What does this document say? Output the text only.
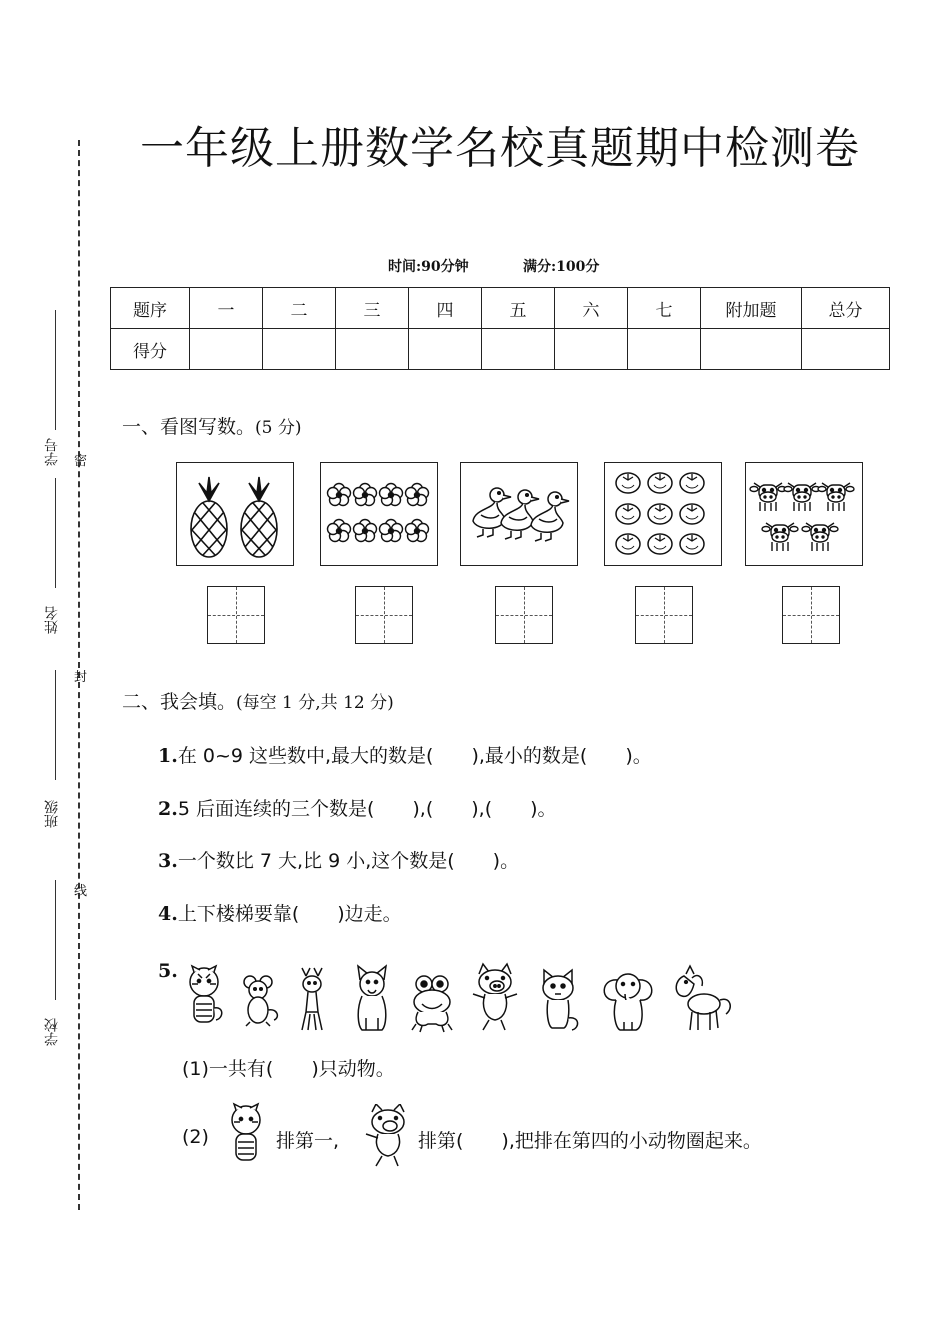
学号
姓名
班级
学校
密
封
线
一年级上册数学名校真题期中检测卷
时间:90分钟	满分:100分
题序	一	二	三	四	五	六	七	附加题	总分
得分									
一、看图写数。(5 分)
二、我会填。(每空 1 分,共 12 分)
1.在 0~9 这些数中,最大的数是(　　),最小的数是(　　)。
2.5 后面连续的三个数是(　　),(　　),(　　)。
3.一个数比 7 大,比 9 小,这个数是(　　)。
4.上下楼梯要靠(　　)边走。
5.
(1)一共有(　　)只动物。
(2)	排第一,	排第(　　),把排在第四的小动物圈起来。
